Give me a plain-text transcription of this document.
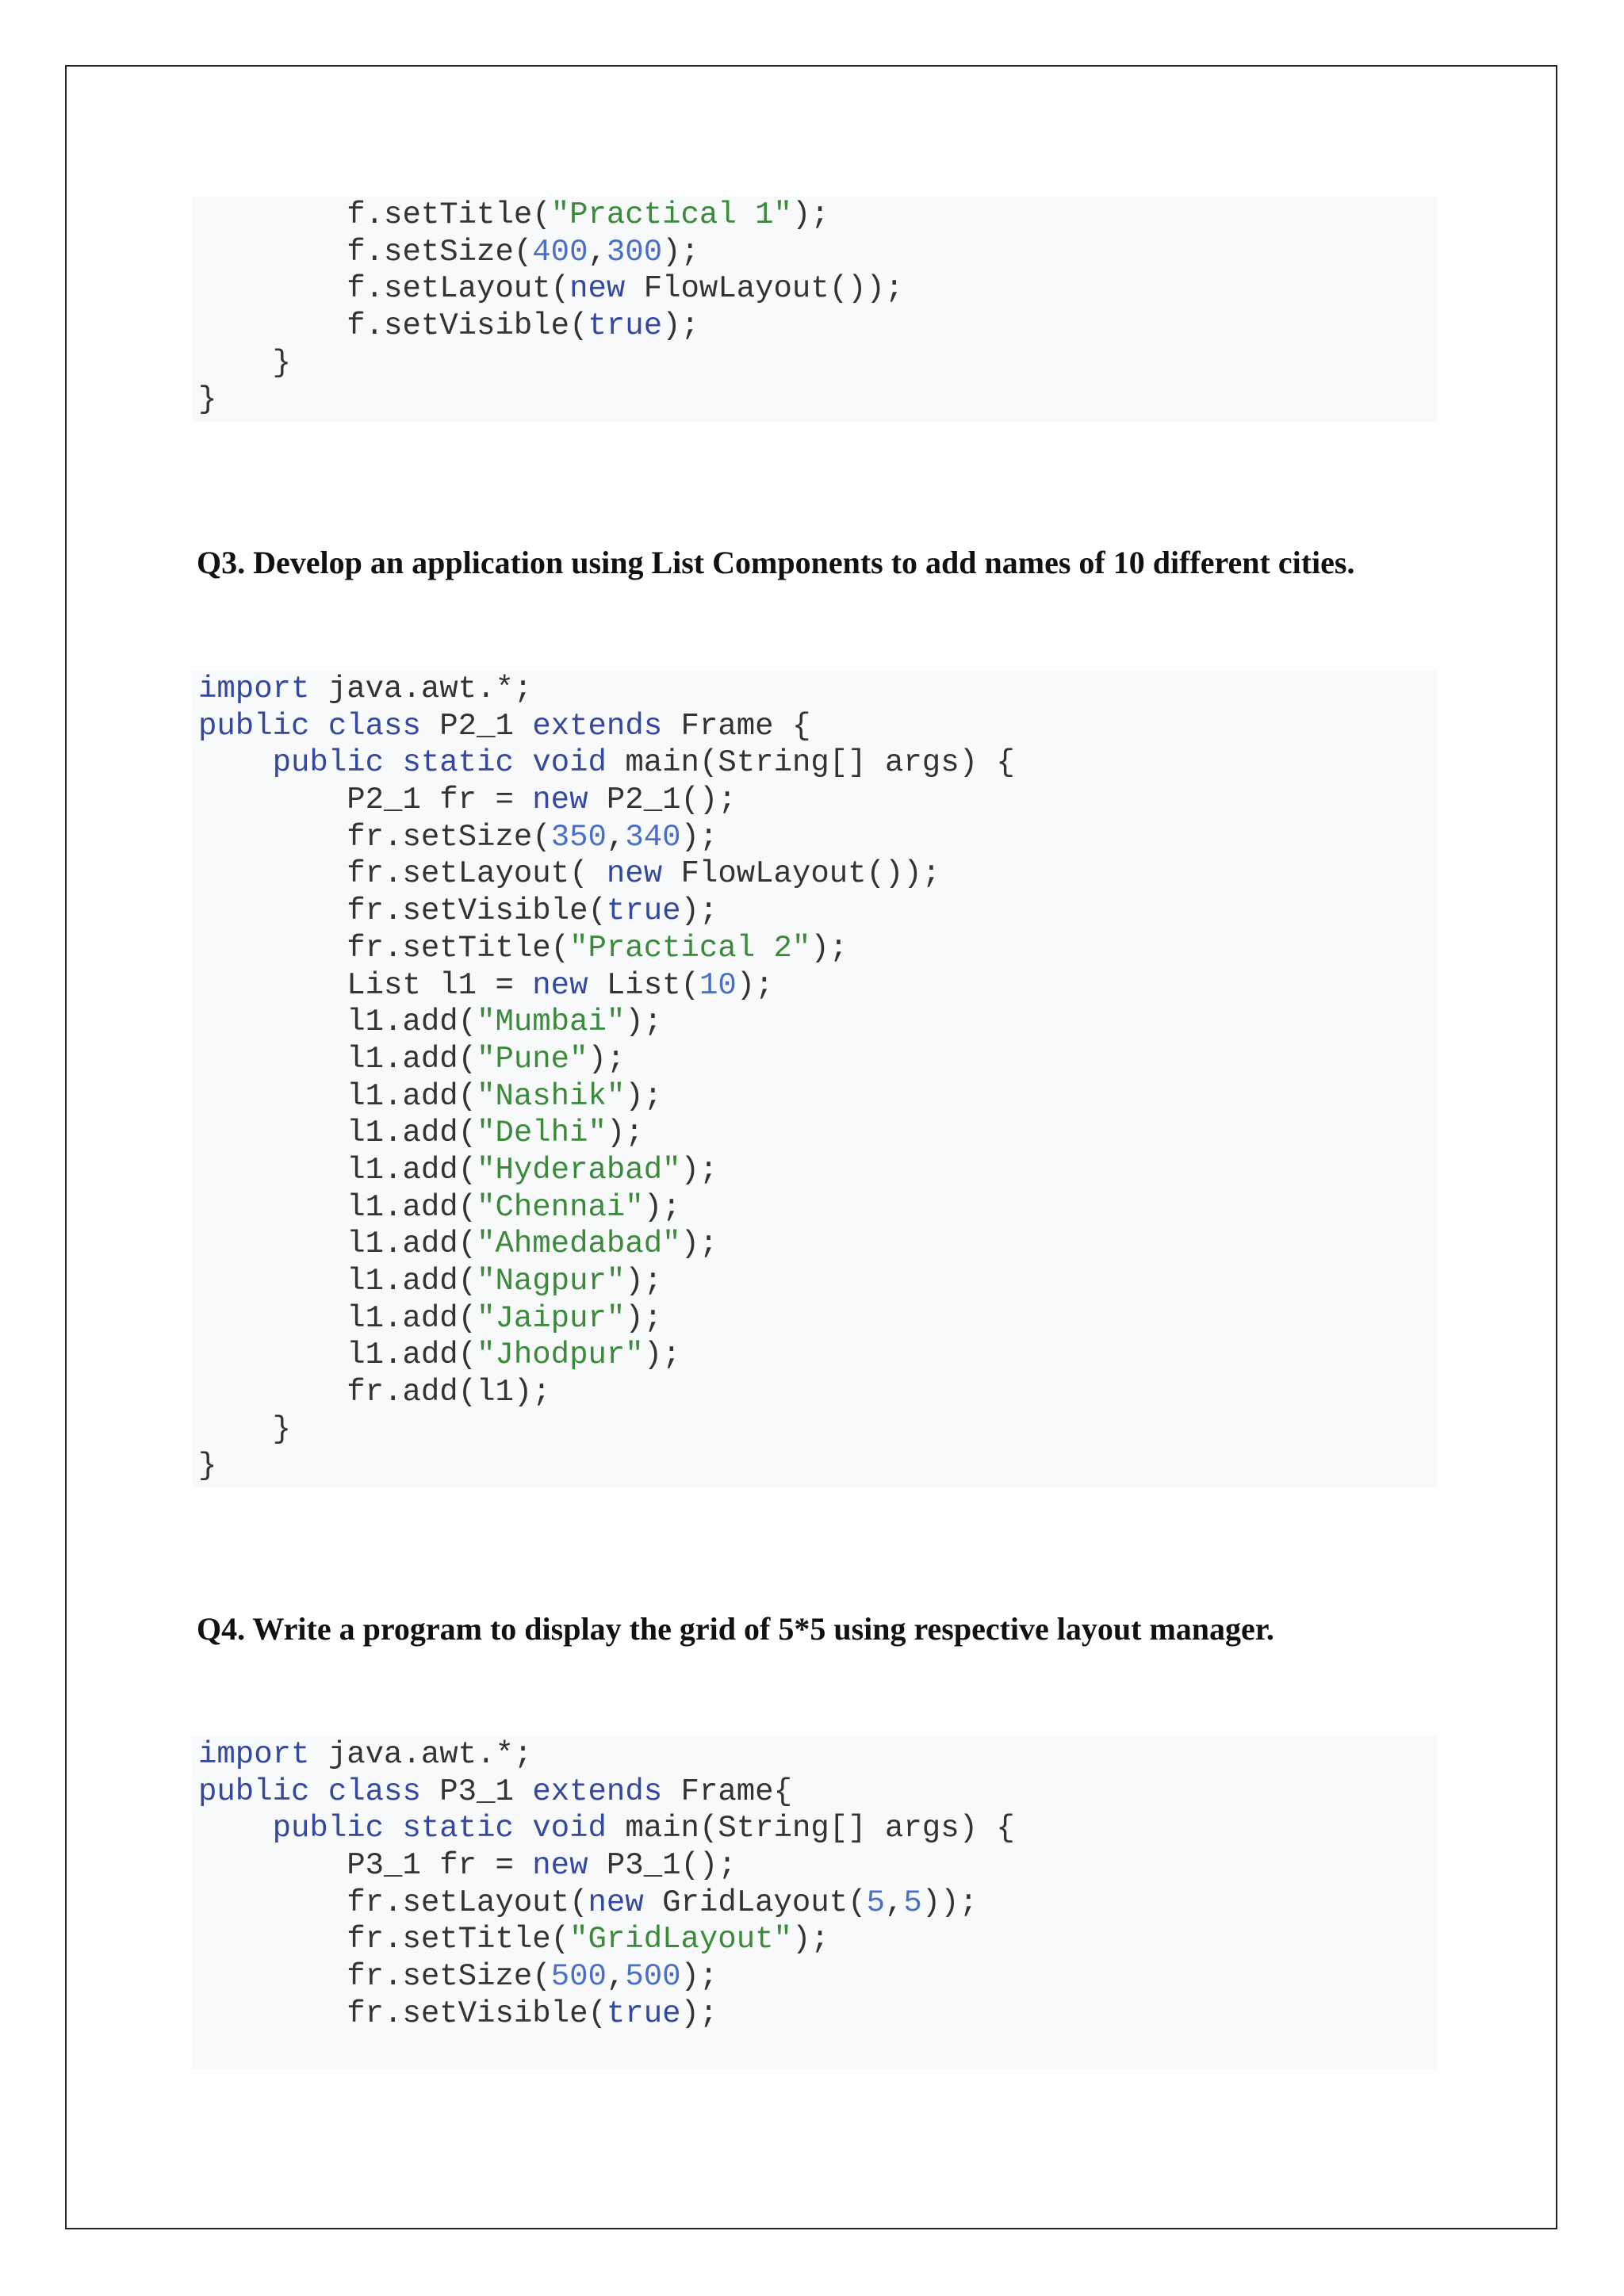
f.setTitle("Practical 1");
f.setSize(400,300);
f.setLayout(new FlowLayout());
f.setVisible(true);
}
}
Q3. Develop an application using List Components to add names of 10 different cities.
import java.awt.*;
public class P2_1 extends Frame {
public static void main(String[] args) {
P2_1 fr = new P2_1();
fr.setSize(350,340);
fr.setLayout( new FlowLayout());
fr.setVisible(true);
fr.setTitle("Practical 2");
List l1 = new List(10);
l1.add("Mumbai");
l1.add("Pune");
l1.add("Nashik");
l1.add("Delhi");
l1.add("Hyderabad");
l1.add("Chennai");
l1.add("Ahmedabad");
l1.add("Nagpur");
l1.add("Jaipur");
l1.add("Jhodpur");
fr.add(l1);
}
}
Q4. Write a program to display the grid of 5*5 using respective layout manager.
import java.awt.*;
public class P3_1 extends Frame{
public static void main(String[] args) {
P3_1 fr = new P3_1();
fr.setLayout(new GridLayout(5,5));
fr.setTitle("GridLayout");
fr.setSize(500,500);
fr.setVisible(true);
